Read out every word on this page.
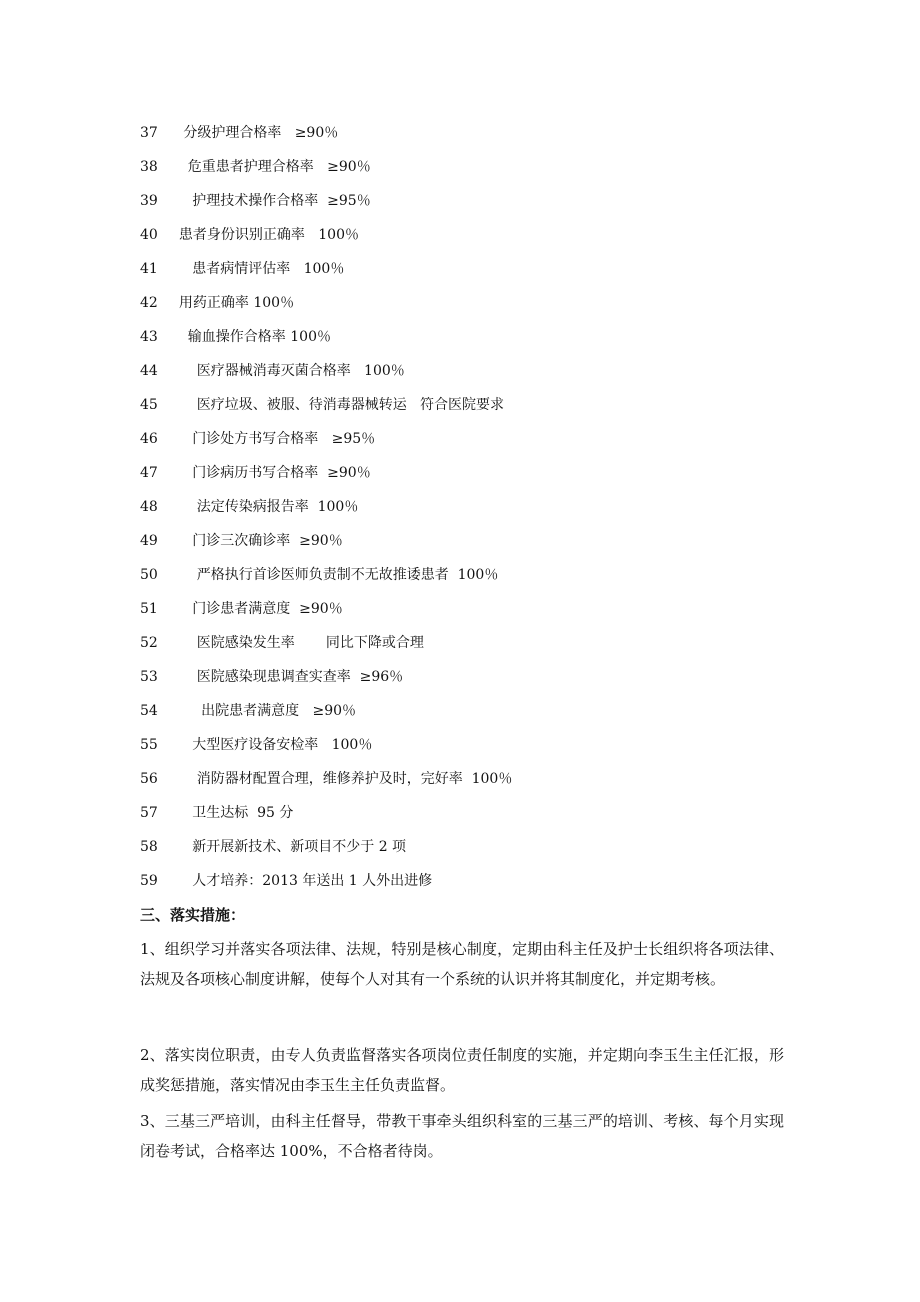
37 分级护理合格率   ≥90％
38 危重患者护理合格率   ≥90％
39 护理技术操作合格率  ≥95％
40 患者身份识别正确率   100％
41 患者病情评估率   100％
42 用药正确率 100％
43 输血操作合格率 100％
44 医疗器械消毒灭菌合格率   100％
45 医疗垃圾、被服、待消毒器械转运   符合医院要求
46 门诊处方书写合格率   ≥95％
47 门诊病历书写合格率  ≥90％
48 法定传染病报告率  100％
49 门诊三次确诊率  ≥90％
50 严格执行首诊医师负责制不无故推诿患者  100％
51 门诊患者满意度  ≥90％
52 医院感染发生率       同比下降或合理
53 医院感染现患调查实查率  ≥96％
54 出院患者满意度   ≥90％
55 大型医疗设备安检率   100％
56 消防器材配置合理，维修养护及时，完好率  100％
57 卫生达标  95 分
58 新开展新技术、新项目不少于 2 项
59 人才培养：2013 年送出 1 人外出进修
三、落实措施：

1、组织学习并落实各项法律、法规，特别是核心制度，定期由科主任及护士长组织将各项法律、法规及各项核心制度讲解，使每个人对其有一个系统的认识并将其制度化，并定期考核。

2、落实岗位职责，由专人负责监督落实各项岗位责任制度的实施，并定期向李玉生主任汇报，形成奖惩措施，落实情况由李玉生主任负责监督。

3、三基三严培训，由科主任督导，带教干事牵头组织科室的三基三严的培训、考核、每个月实现闭卷考试，合格率达 100%，不合格者待岗。
